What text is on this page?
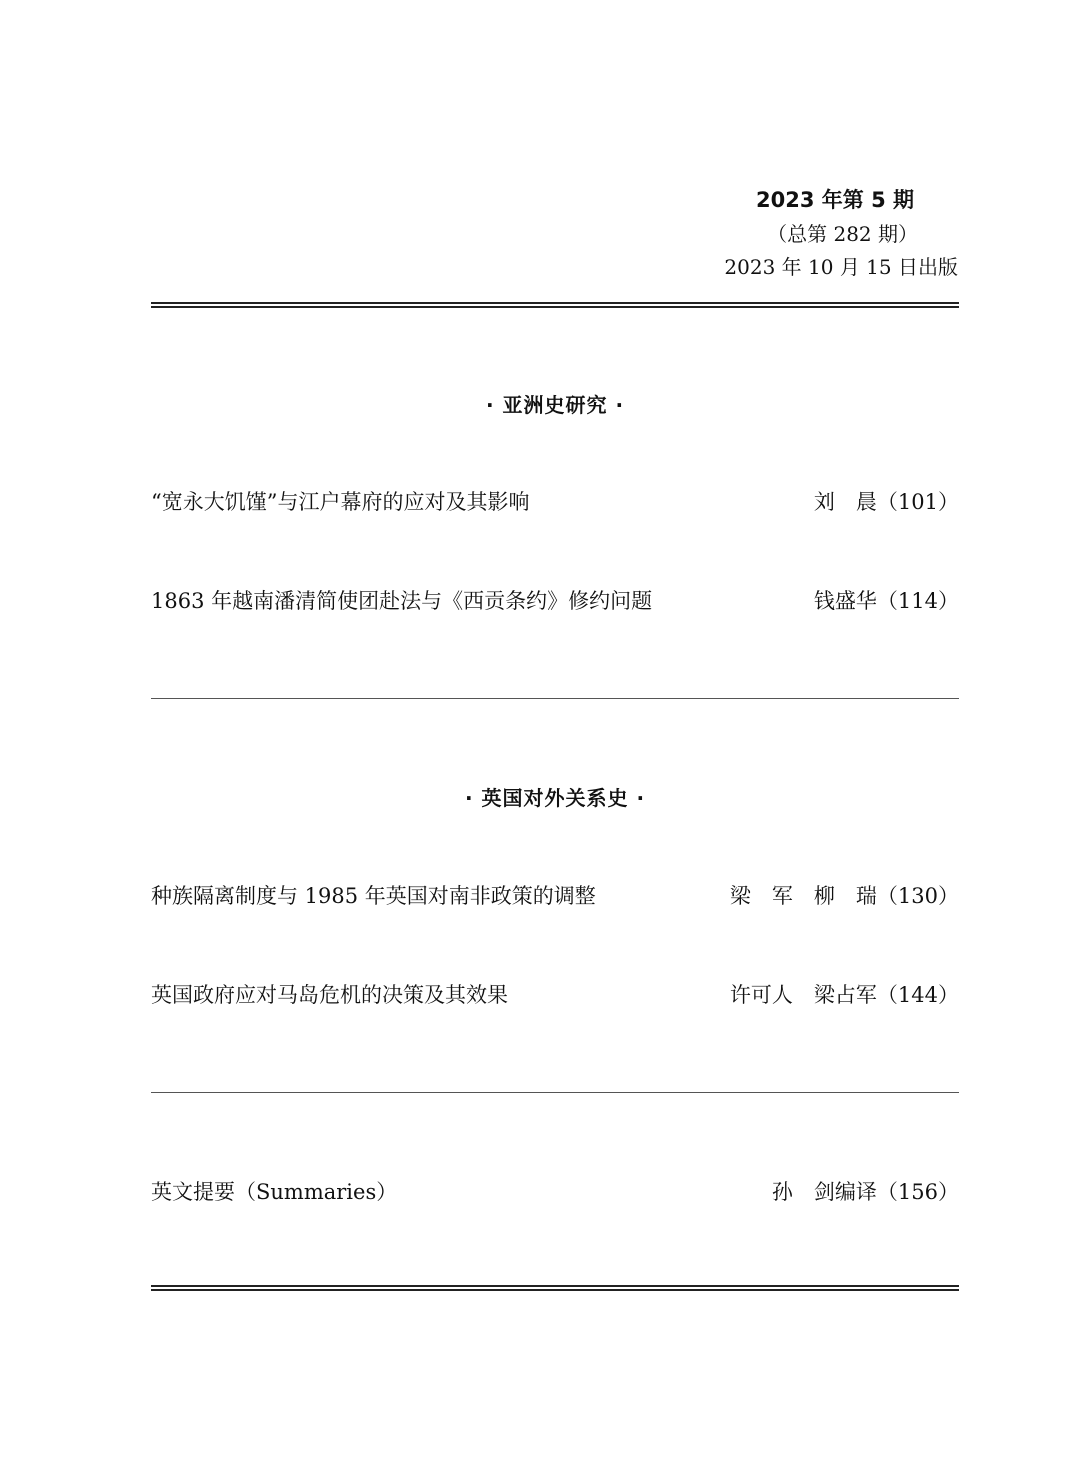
2023 年第 5 期
（总第 282 期）
2023 年 10 月 15 日出版
· 亚洲史研究 ·
“宽永大饥馑”与江户幕府的应对及其影响	刘　晨（101）
1863 年越南潘清简使团赴法与《西贡条约》修约问题	钱盛华（114）
· 英国对外关系史 ·
种族隔离制度与 1985 年英国对南非政策的调整	梁　军　柳　瑞（130）
英国政府应对马岛危机的决策及其效果	许可人　梁占军（144）
英文提要（Summaries）	孙　剑编译（156）
